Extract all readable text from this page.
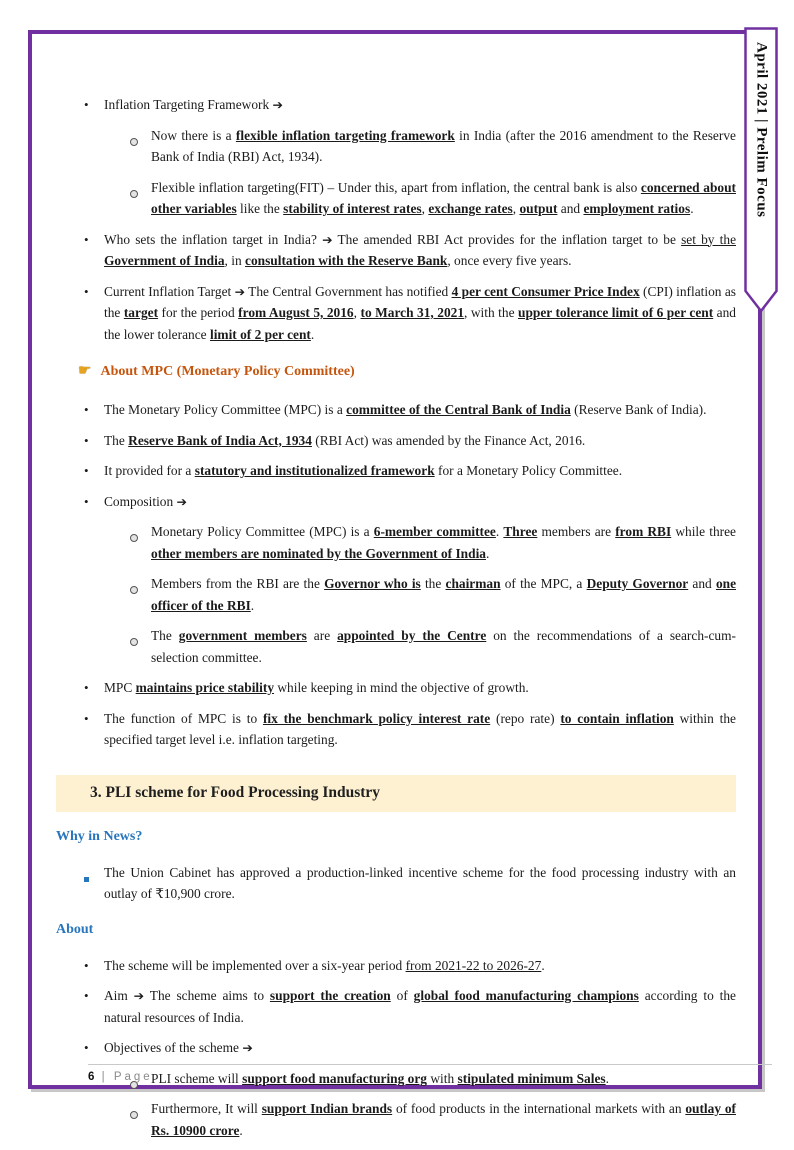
•	Inflation Targeting Framework ➔
Now there is a flexible inflation targeting framework in India (after the 2016 amendment to the Reserve Bank of India (RBI) Act, 1934).
Flexible inflation targeting(FIT) – Under this, apart from inflation, the central bank is also concerned about other variables like the stability of interest rates, exchange rates, output and employment ratios.
•	Who sets the inflation target in India? ➔ The amended RBI Act provides for the inflation target to be set by the Government of India, in consultation with the Reserve Bank, once every five years.
•	Current Inflation Target ➔ The Central Government has notified 4 per cent Consumer Price Index (CPI) inflation as the target for the period from August 5, 2016, to March 31, 2021, with the upper tolerance limit of 6 per cent and the lower tolerance limit of 2 per cent.
☛ About MPC (Monetary Policy Committee)
•	The Monetary Policy Committee (MPC) is a committee of the Central Bank of India (Reserve Bank of India).
•	The Reserve Bank of India Act, 1934 (RBI Act) was amended by the Finance Act, 2016.
•	It provided for a statutory and institutionalized framework for a Monetary Policy Committee.
•	Composition ➔
Monetary Policy Committee (MPC) is a 6-member committee. Three members are from RBI while three other members are nominated by the Government of India.
Members from the RBI are the Governor who is the chairman of the MPC, a Deputy Governor and one officer of the RBI.
The government members are appointed by the Centre on the recommendations of a search-cum-selection committee.
•	MPC maintains price stability while keeping in mind the objective of growth.
•	The function of MPC is to fix the benchmark policy interest rate (repo rate) to contain inflation within the specified target level i.e. inflation targeting.
3. PLI scheme for Food Processing Industry
Why in News?
The Union Cabinet has approved a production-linked incentive scheme for the food processing industry with an outlay of ₹10,900 crore.
About
•	The scheme will be implemented over a six-year period from 2021-22 to 2026-27.
•	Aim ➔ The scheme aims to support the creation of global food manufacturing champions according to the natural resources of India.
•	Objectives of the scheme ➔
PLI scheme will support food manufacturing org with stipulated minimum Sales.
Furthermore, It will support Indian brands of food products in the international markets with an outlay of Rs. 10900 crore.
6 | Page
April 2021 | Prelim Focus
